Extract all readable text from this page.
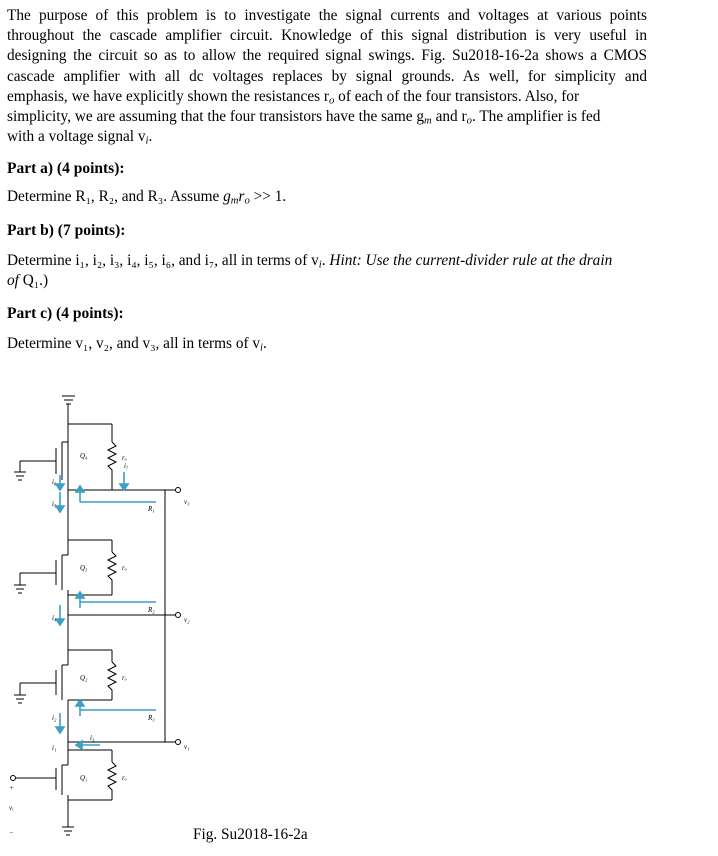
The purpose of this problem is to investigate the signal currents and voltages at various points
throughout the cascade amplifier circuit. Knowledge of this signal distribution is very useful in
designing the circuit so as to allow the required signal swings. Fig. Su2018-16-2a shows a CMOS
cascade amplifier with all dc voltages replaces by signal grounds. As well, for simplicity and
emphasis, we have explicitly shown the resistances $r_o$ of each of the four transistors. Also, for
simplicity, we are assuming that the four transistors have the same $g_m$ and $r_o$. The amplifier is fed
with a voltage signal $v_i$.
Part a) (4 points):
Determine R₁, R₂, and R₃. Assume $g_mr_o >> 1$.
Part b) (7 points):
Determine i₁, i₂, i₃, i₄, i₅, i₆, and i₇, all in terms of $v_i$. Hint: Use the current-divider rule at the drain
of Q₁.)
Part c) (4 points):
Determine v₁, v₂, and v₃, all in terms of $v_i$.
Q₄
Q₃
Q₂
Q₁
rₒ
rₒ
rₒ
rₒ
R₁
R₂
R₃
v₃
v₂
v₁
i₇
i₆
i₅
i₄
i₃
i₂
i₁
+
vᵢ
−	Fig. Su2018-16-2a
